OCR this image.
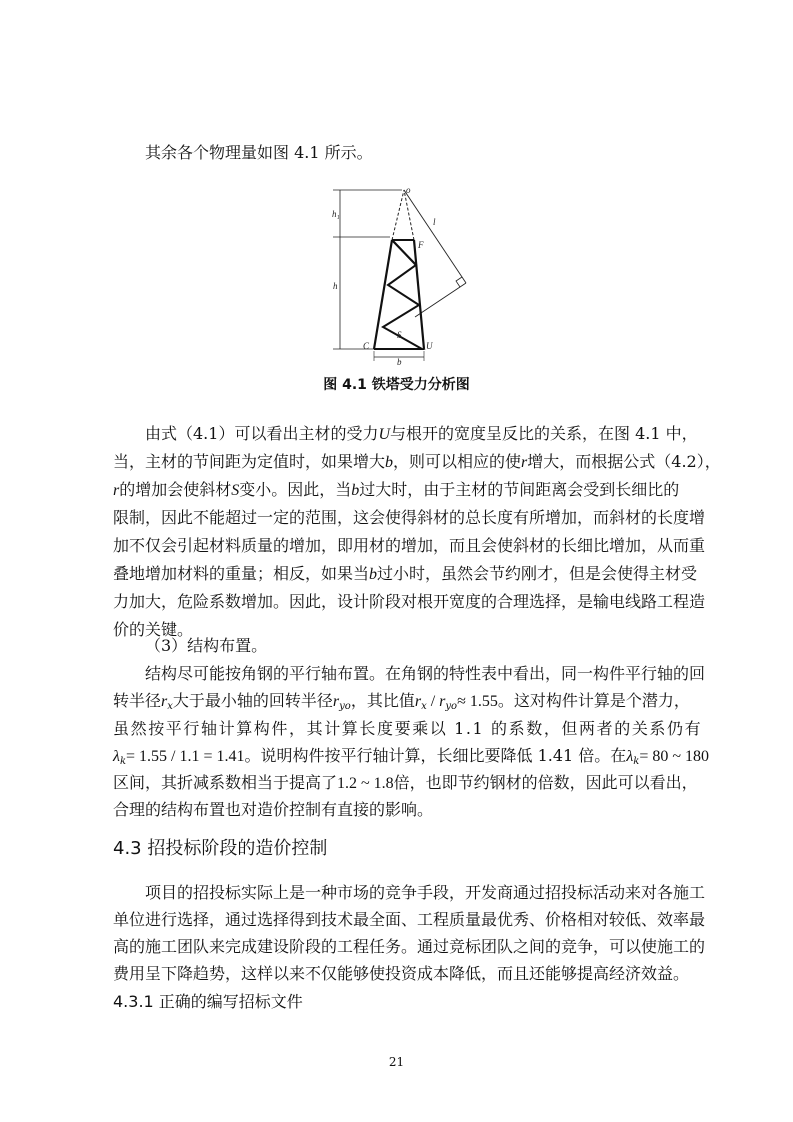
其余各个物理量如图 4.1 所示。
o
h₁
h
l
F
S
C	U
b
图 4.1 铁塔受力分析图
由式（4.1）可以看出主材的受力U与根开的宽度呈反比的关系，在图 4.1 中，
当，主材的节间距为定值时，如果增大b，则可以相应的使r增大，而根据公式（4.2），
r的增加会使斜材S变小。因此，当b过大时，由于主材的节间距离会受到长细比的
限制，因此不能超过一定的范围，这会使得斜材的总长度有所增加，而斜材的长度增
加不仅会引起材料质量的增加，即用材的增加，而且会使斜材的长细比增加，从而重
叠地增加材料的重量；相反，如果当b过小时，虽然会节约刚才，但是会使得主材受
力加大，危险系数增加。因此，设计阶段对根开宽度的合理选择，是输电线路工程造
价的关键。
（3）结构布置。
结构尽可能按角钢的平行轴布置。在角钢的特性表中看出，同一构件平行轴的回
转半径$r_x$大于最小轴的回转半径$r_{yo}$，其比值$r_x / r_{yo}\approx 1.55$。这对构件计算是个潜力，
虽然按平行轴计算构件，其计算长度要乘以 1.1 的系数，但两者的关系仍有
$\lambda_k= 1.55 / 1.1 = 1.41$。说明构件按平行轴计算，长细比要降低 1.41 倍。在$\lambda_k= 80$ ~ 180
区间，其折减系数相当于提高了1.2 ~ 1.8倍，也即节约钢材的倍数，因此可以看出，
合理的结构布置也对造价控制有直接的影响。
4.3 招投标阶段的造价控制
项目的招投标实际上是一种市场的竞争手段，开发商通过招投标活动来对各施工
单位进行选择，通过选择得到技术最全面、工程质量最优秀、价格相对较低、效率最
高的施工团队来完成建设阶段的工程任务。通过竞标团队之间的竞争，可以使施工的
费用呈下降趋势，这样以来不仅能够使投资成本降低，而且还能够提高经济效益。
4.3.1 正确的编写招标文件
21
